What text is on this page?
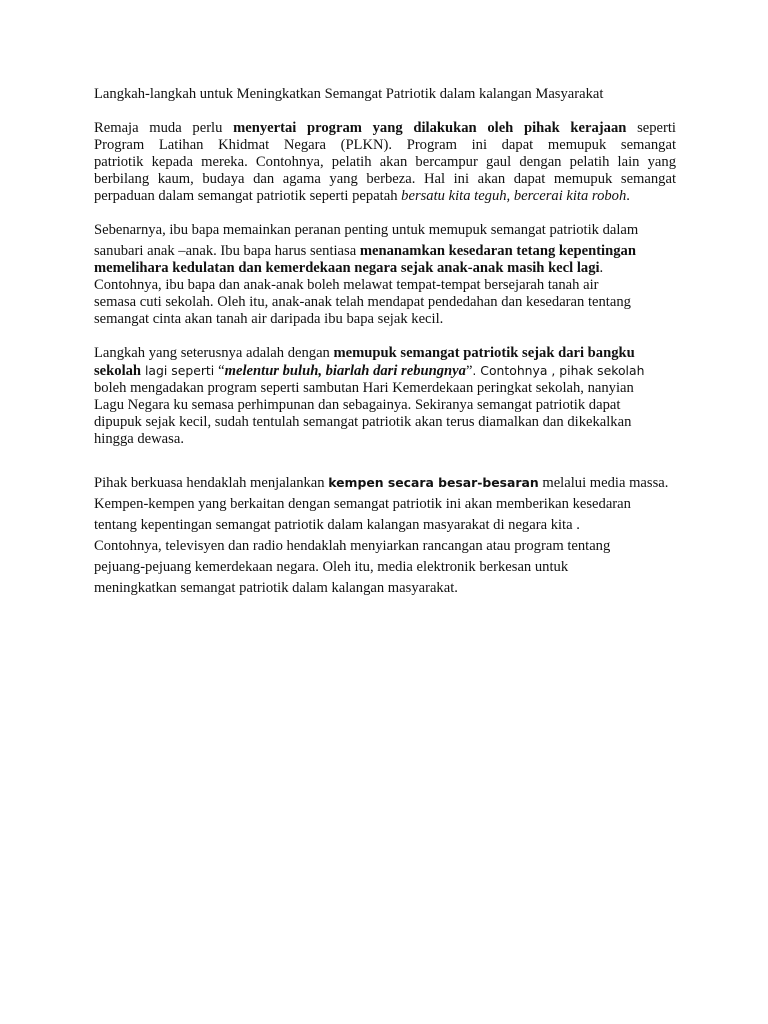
Langkah-langkah untuk Meningkatkan Semangat Patriotik dalam kalangan Masyarakat
Remaja muda perlu menyertai program yang dilakukan oleh pihak kerajaan seperti
Program Latihan Khidmat Negara (PLKN). Program ini dapat memupuk semangat
patriotik kepada mereka. Contohnya, pelatih akan bercampur gaul dengan pelatih lain yang
berbilang kaum, budaya dan agama yang berbeza. Hal ini akan dapat memupuk semangat
perpaduan dalam semangat patriotik seperti pepatah bersatu kita teguh, bercerai kita roboh.
Sebenarnya, ibu bapa memainkan peranan penting untuk memupuk semangat patriotik dalam
sanubari anak –anak. Ibu bapa harus sentiasa menanamkan kesedaran tetang kepentingan
memelihara kedulatan dan kemerdekaan negara sejak anak-anak masih kecl lagi.
Contohnya, ibu bapa dan anak-anak boleh melawat tempat-tempat bersejarah tanah air
semasa cuti sekolah. Oleh itu, anak-anak telah mendapat pendedahan dan kesedaran tentang
semangat cinta akan tanah air daripada ibu bapa sejak kecil.
Langkah yang seterusnya adalah dengan memupuk semangat patriotik sejak dari bangku
sekolah lagi seperti “melentur buluh, biarlah dari rebungnya”. Contohnya , pihak sekolah
boleh mengadakan program seperti sambutan Hari Kemerdekaan peringkat sekolah, nanyian
Lagu Negara ku semasa perhimpunan dan sebagainya. Sekiranya semangat patriotik dapat
dipupuk sejak kecil, sudah tentulah semangat patriotik akan terus diamalkan dan dikekalkan
hingga dewasa.
Pihak berkuasa hendaklah menjalankan kempen secara besar-besaran melalui media massa.
Kempen-kempen yang berkaitan dengan semangat patriotik ini akan memberikan kesedaran
tentang kepentingan semangat patriotik dalam kalangan masyarakat di negara kita .
Contohnya, televisyen dan radio hendaklah menyiarkan rancangan atau program tentang
pejuang-pejuang kemerdekaan negara. Oleh itu, media elektronik berkesan untuk
meningkatkan semangat patriotik dalam kalangan masyarakat.
